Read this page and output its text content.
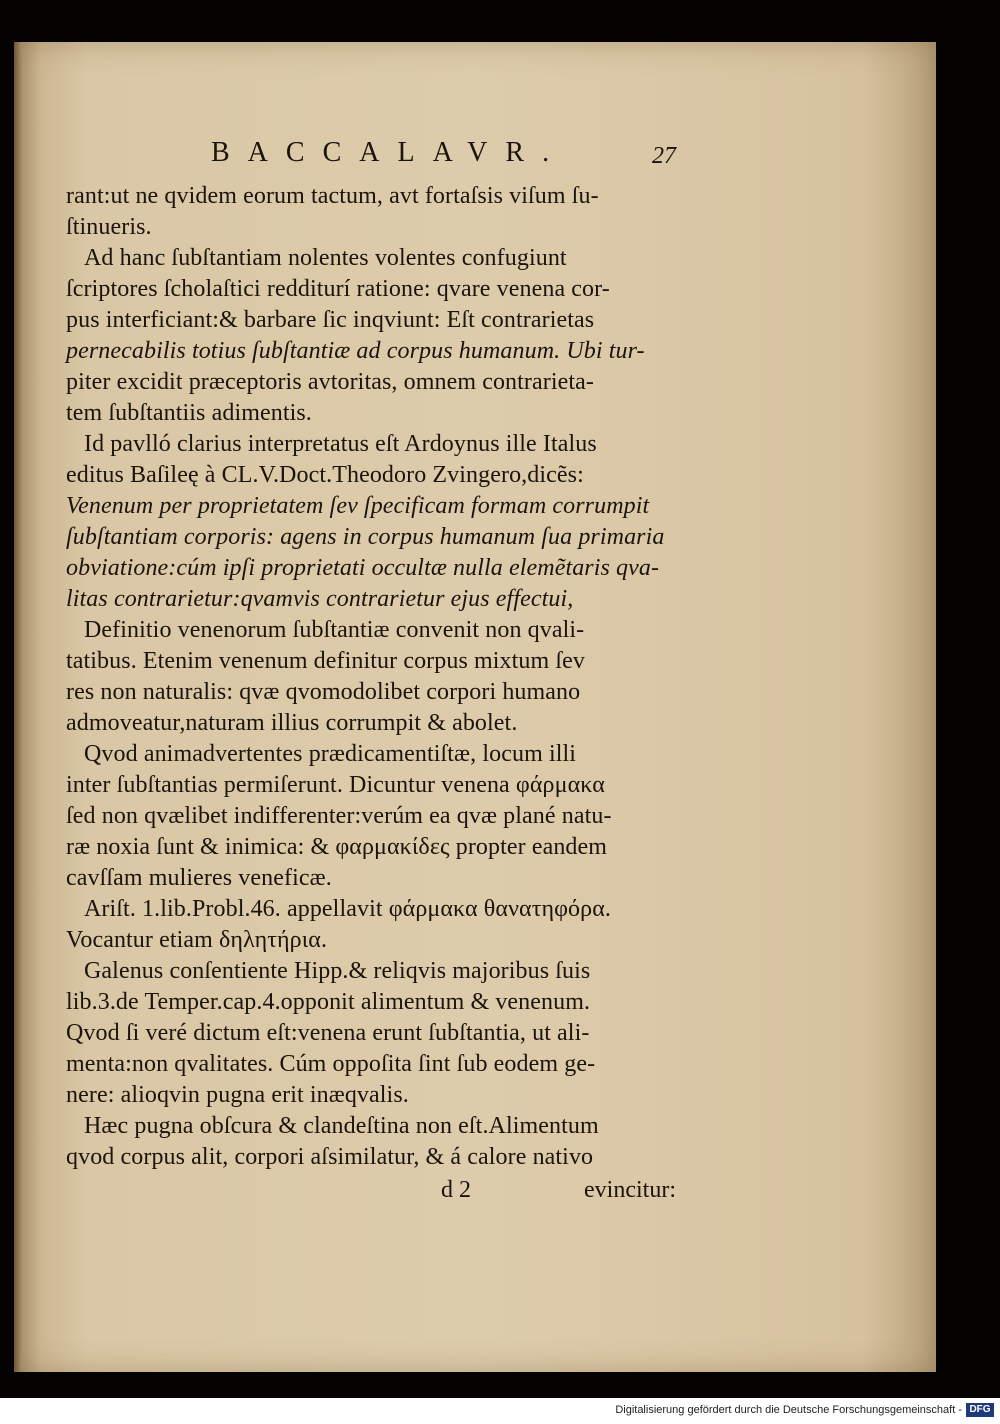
BACCALAVR.	27
rant:ut ne qvidem eorum tactum, avt fortaſsis viſum ſu-
ſtinueris.
Ad hanc ſubſtantiam nolentes volentes confugiunt
ſcriptores ſcholaſtici redditurí ratione: qvare venena cor-
pus interficiant:& barbare ſic inqviunt: Eſt contrarietas
pernecabilis totius ſubſtantiæ ad corpus humanum. Ubi tur-
piter excidit præceptoris avtoritas, omnem contrarieta-
tem ſubſtantiis adimentis.
Id pavlló clarius interpretatus eſt Ardoynus ille Italus
editus Baſileę à CL.V.Doct.Theodoro Zvingero,dicẽs:
Venenum per proprietatem ſev ſpecificam formam corrumpit
ſubſtantiam corporis: agens in corpus humanum ſua primaria
obviatione:cúm ipſi proprietati occultæ nulla elemẽtaris qva-
litas contrarietur:qvamvis contrarietur ejus effectui,
Definitio venenorum ſubſtantiæ convenit non qvali-
tatibus. Etenim venenum definitur corpus mixtum ſev
res non naturalis: qvæ qvomodolibet corpori humano
admoveatur,naturam illius corrumpit & abolet.
Qvod animadvertentes prædicamentiſtæ, locum illi
inter ſubſtantias permiſerunt. Dicuntur venena φάρμακα
ſed non qvælibet indifferenter:verúm ea qvæ plané natu-
ræ noxia ſunt & inimica: & φαρμακίδες propter eandem
cavſſam mulieres veneficæ.
Ariſt. 1.lib.Probl.46. appellavit φάρμακα θανατηφόρα.
Vocantur etiam δηλητήρια.
Galenus conſentiente Hipp.& reliqvis majoribus ſuis
lib.3.de Temper.cap.4.opponit alimentum & venenum.
Qvod ſi veré dictum eſt:venena erunt ſubſtantia, ut ali-
menta:non qvalitates. Cúm oppoſita ſint ſub eodem ge-
nere: alioqvin pugna erit inæqvalis.
Hæc pugna obſcura & clandeſtina non eſt.Alimentum
qvod corpus alit, corpori aſsimilatur, & á calore nativo
d 2	evincitur:
Digitalisierung gefördert durch die Deutsche Forschungsgemeinschaft - DFG
